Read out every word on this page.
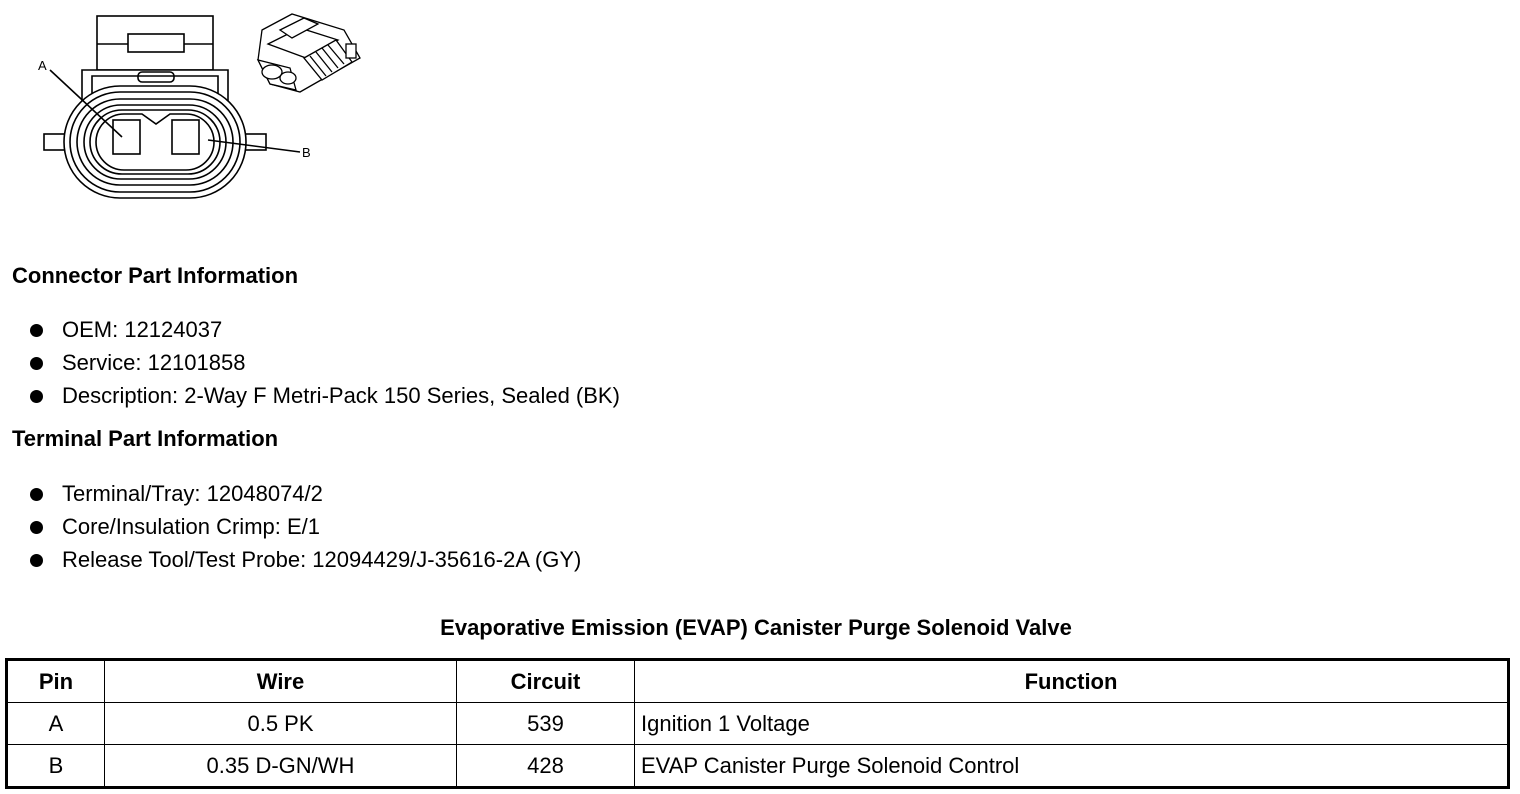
A
B
Connector Part Information
OEM: 12124037
Service: 12101858
Description: 2-Way F Metri-Pack 150 Series, Sealed (BK)
Terminal Part Information
Terminal/Tray: 12048074/2
Core/Insulation Crimp: E/1
Release Tool/Test Probe: 12094429/J-35616-2A (GY)
Evaporative Emission (EVAP) Canister Purge Solenoid Valve
Pin	Wire	Circuit	Function
A	0.5 PK	539	Ignition 1 Voltage
B	0.35 D-GN/WH	428	EVAP Canister Purge Solenoid Control
